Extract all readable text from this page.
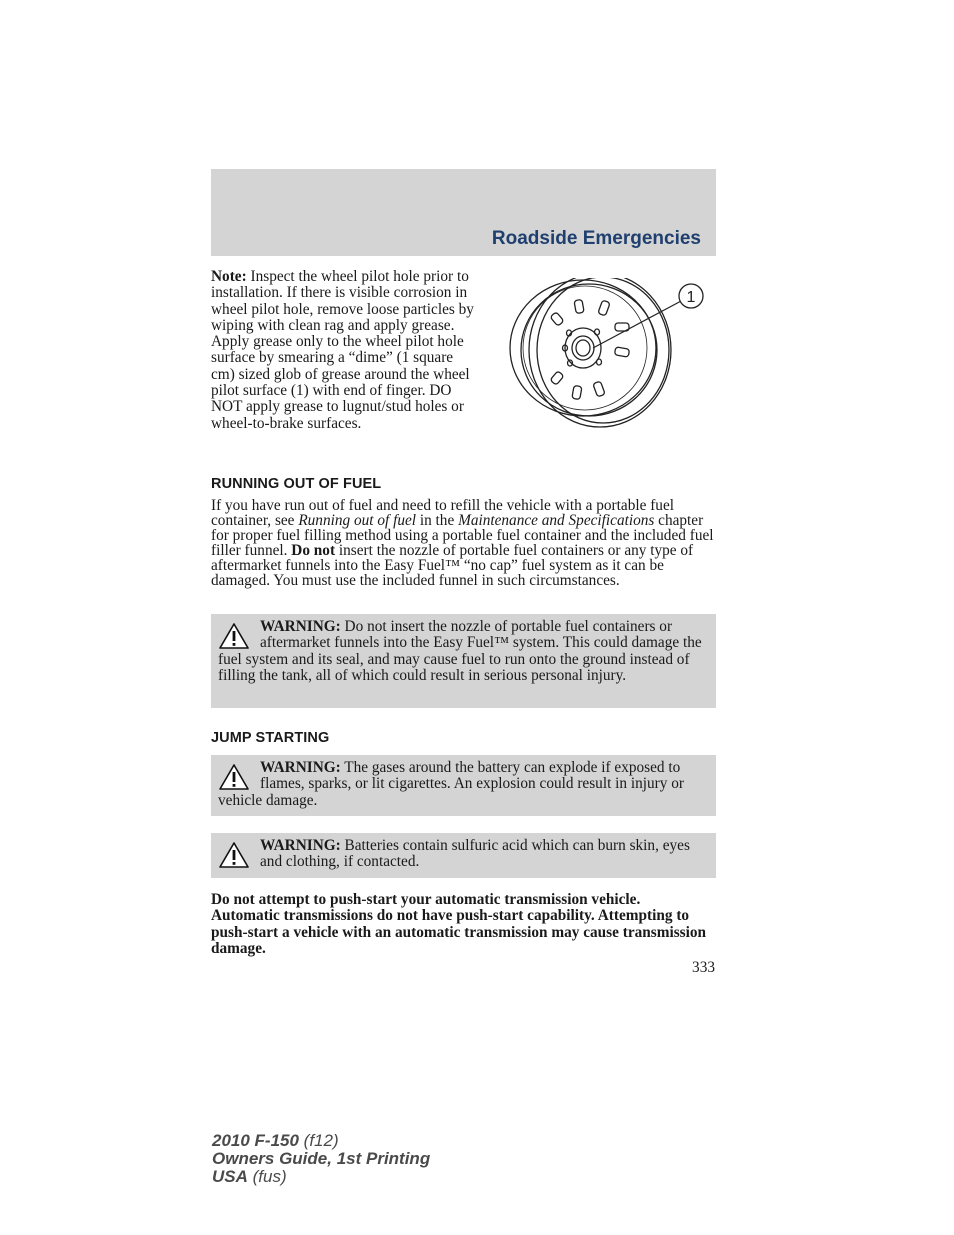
Roadside Emergencies
Note: Inspect the wheel pilot hole prior to installation. If there is visible corrosion in wheel pilot hole, remove loose particles by wiping with clean rag and apply grease. Apply grease only to the wheel pilot hole surface by smearing a “dime” (1 square cm) sized glob of grease around the wheel pilot surface (1) with end of finger. DO NOT apply grease to lugnut/stud holes or wheel-to-brake surfaces.
1
RUNNING OUT OF FUEL
If you have run out of fuel and need to refill the vehicle with a portable fuel container, see Running out of fuel in the Maintenance and Specifications chapter for proper fuel filling method using a portable fuel container and the included fuel filler funnel. Do not insert the nozzle of portable fuel containers or any type of aftermarket funnels into the Easy Fuel™ “no cap” fuel system as it can be damaged. You must use the included funnel in such circumstances.
WARNING: Do not insert the nozzle of portable fuel containers or aftermarket funnels into the Easy Fuel™ system. This could damage the fuel system and its seal, and may cause fuel to run onto the ground instead of filling the tank, all of which could result in serious personal injury.
JUMP STARTING
WARNING: The gases around the battery can explode if exposed to flames, sparks, or lit cigarettes. An explosion could result in injury or vehicle damage.
WARNING: Batteries contain sulfuric acid which can burn skin, eyes and clothing, if contacted.
Do not attempt to push-start your automatic transmission vehicle. Automatic transmissions do not have push-start capability. Attempting to push-start a vehicle with an automatic transmission may cause transmission damage.
333
2010 F-150 (f12)
Owners Guide, 1st Printing
USA (fus)
